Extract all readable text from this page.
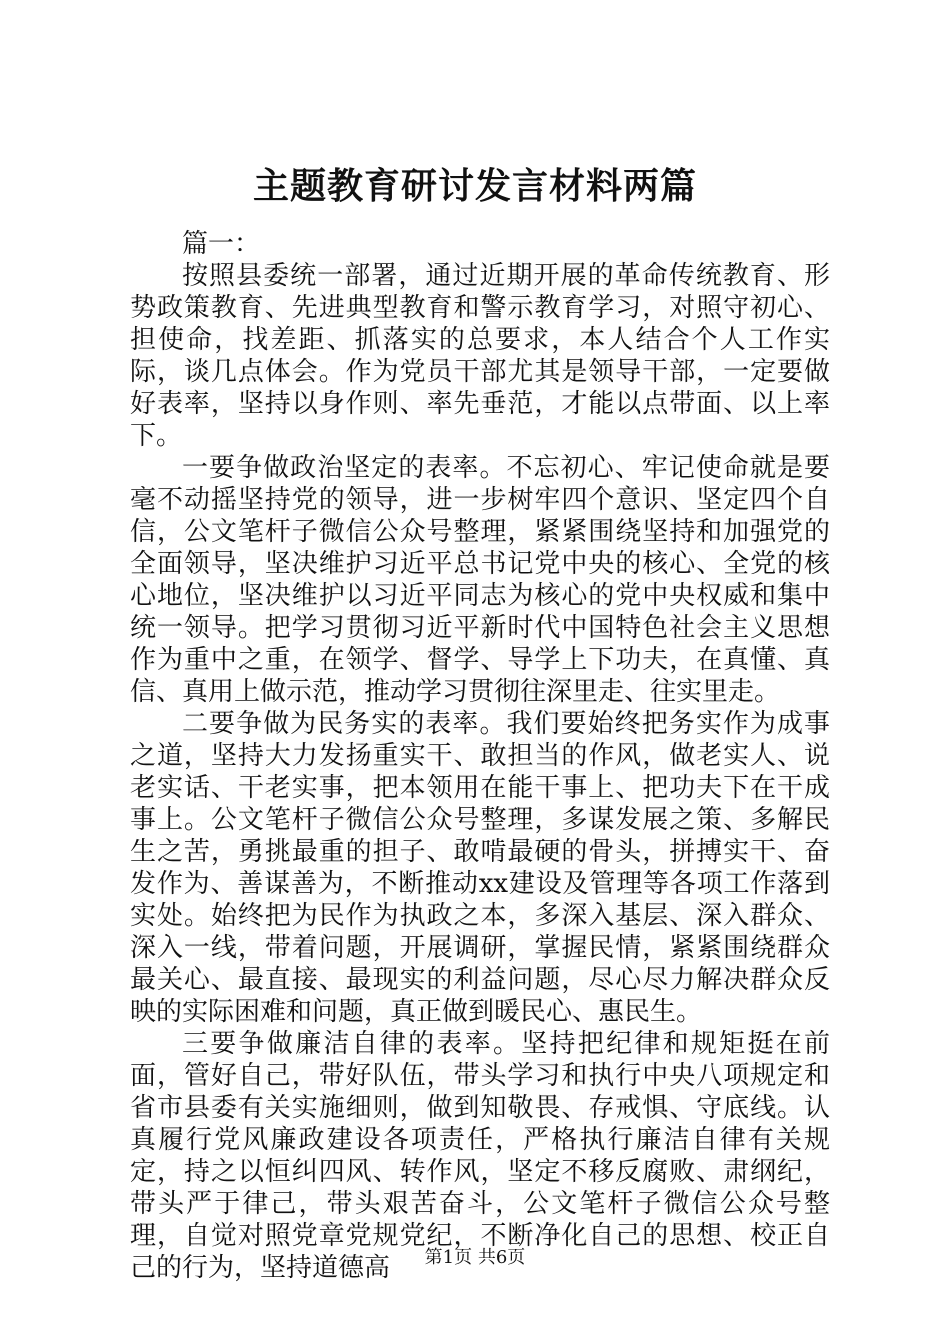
主题教育研讨发言材料两篇

篇一：

按照县委统一部署，通过近期开展的革命传统教育、形势政策教育、先进典型教育和警示教育学习，对照守初心、担使命，找差距、抓落实的总要求，本人结合个人工作实际，谈几点体会。作为党员干部尤其是领导干部，一定要做好表率，坚持以身作则、率先垂范，才能以点带面、以上率下。

一要争做政治坚定的表率。不忘初心、牢记使命就是要毫不动摇坚持党的领导，进一步树牢四个意识、坚定四个自信，公文笔杆子微信公众号整理，紧紧围绕坚持和加强党的全面领导，坚决维护习近平总书记党中央的核心、全党的核心地位，坚决维护以习近平同志为核心的党中央权威和集中统一领导。把学习贯彻习近平新时代中国特色社会主义思想作为重中之重，在领学、督学、导学上下功夫，在真懂、真信、真用上做示范，推动学习贯彻往深里走、往实里走。

二要争做为民务实的表率。我们要始终把务实作为成事之道，坚持大力发扬重实干、敢担当的作风，做老实人、说老实话、干老实事，把本领用在能干事上、把功夫下在干成事上。公文笔杆子微信公众号整理，多谋发展之策、多解民生之苦，勇挑最重的担子、敢啃最硬的骨头，拼搏实干、奋发作为、善谋善为，不断推动xx建设及管理等各项工作落到实处。始终把为民作为执政之本，多深入基层、深入群众、深入一线，带着问题，开展调研，掌握民情，紧紧围绕群众最关心、最直接、最现实的利益问题，尽心尽力解决群众反映的实际困难和问题，真正做到暖民心、惠民生。

三要争做廉洁自律的表率。坚持把纪律和规矩挺在前面，管好自己，带好队伍，带头学习和执行中央八项规定和省市县委有关实施细则，做到知敬畏、存戒惧、守底线。认真履行党风廉政建设各项责任，严格执行廉洁自律有关规定，持之以恒纠四风、转作风，坚定不移反腐败、肃纲纪，带头严于律己，带头艰苦奋斗，公文笔杆子微信公众号整理，自觉对照党章党规党纪，不断净化自己的思想、校正自己的行为，坚持道德高	第1页 共6页
